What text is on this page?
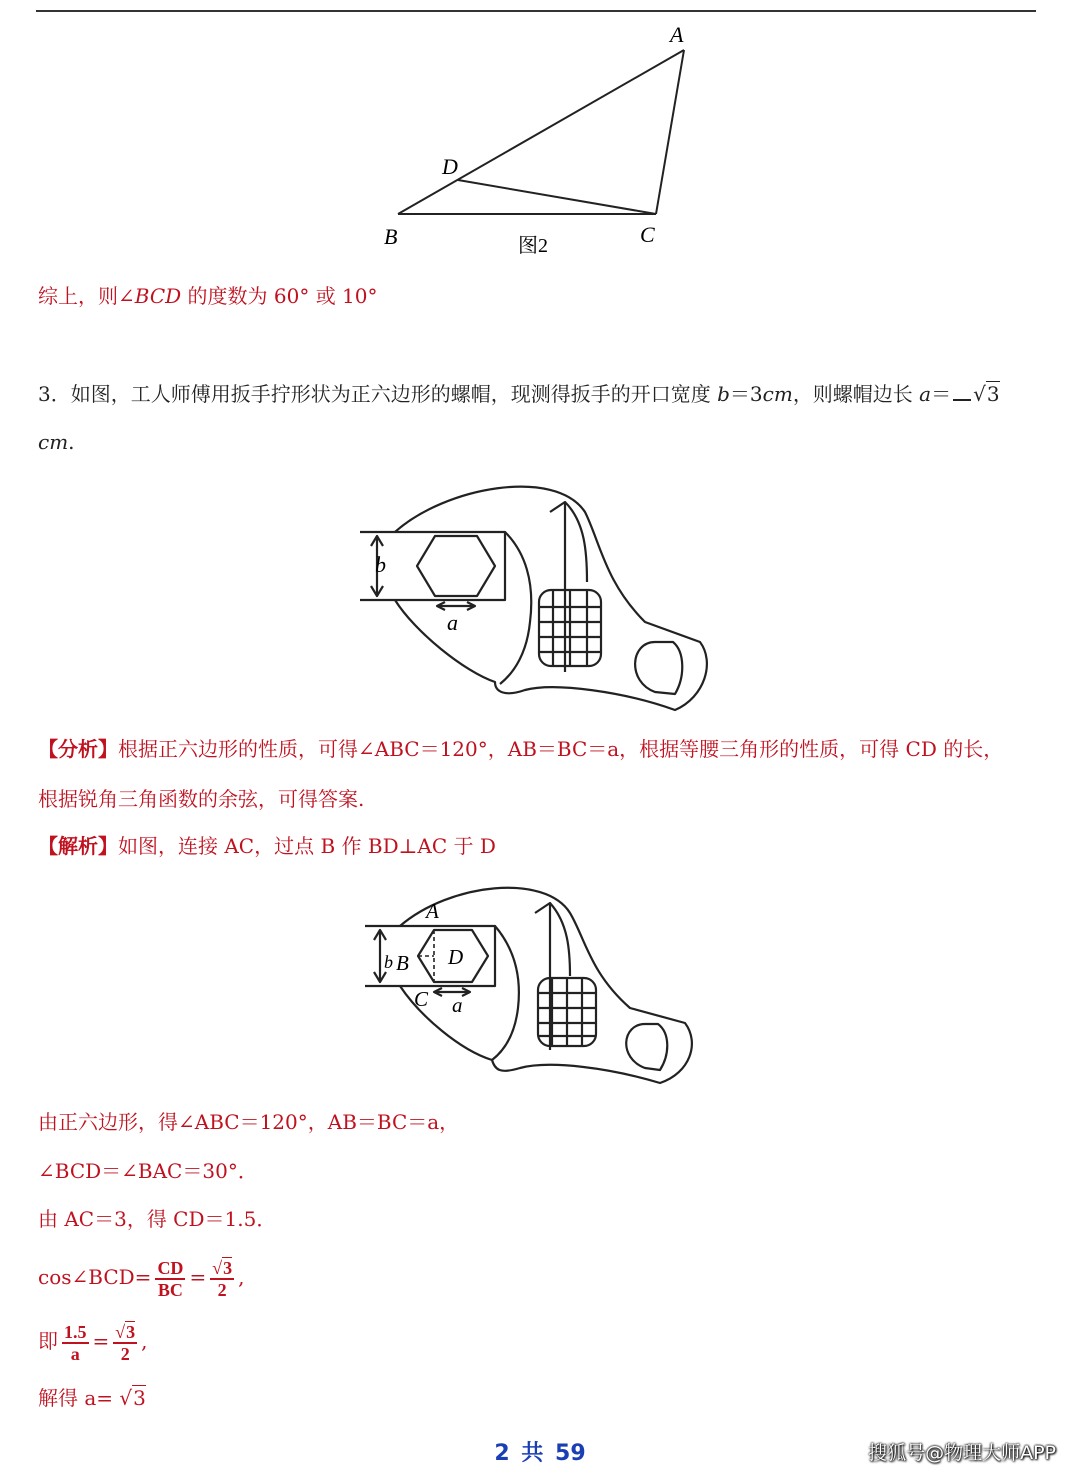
A
B	C
D
图2
综上，则∠BCD 的度数为 60° 或 10°
3．如图，工人师傅用扳手拧形状为正六边形的螺帽，现测得扳手的开口宽度 b＝3cm，则螺帽边长 a＝ √3
cm.
b
a
【分析】根据正六边形的性质，可得∠ABC＝120°，AB＝BC＝a，根据等腰三角形的性质，可得 CD 的长，
根据锐角三角函数的余弦，可得答案.
【解析】如图，连接 AC，过点 B 作 BD⊥AC 于 D
A
B
C
D
b
a
由正六边形，得∠ABC＝120°，AB＝BC＝a，
∠BCD＝∠BAC＝30°．
由 AC＝3，得 CD＝1.5．
cos∠BCD= $\frac{CD}{BC} = \frac{√3}{2}$ ,
即 $\frac{1.5}{a} = \frac{√3}{2}$ ,
解得 a= √3
2 共 59	搜狐号@物理大师APP
